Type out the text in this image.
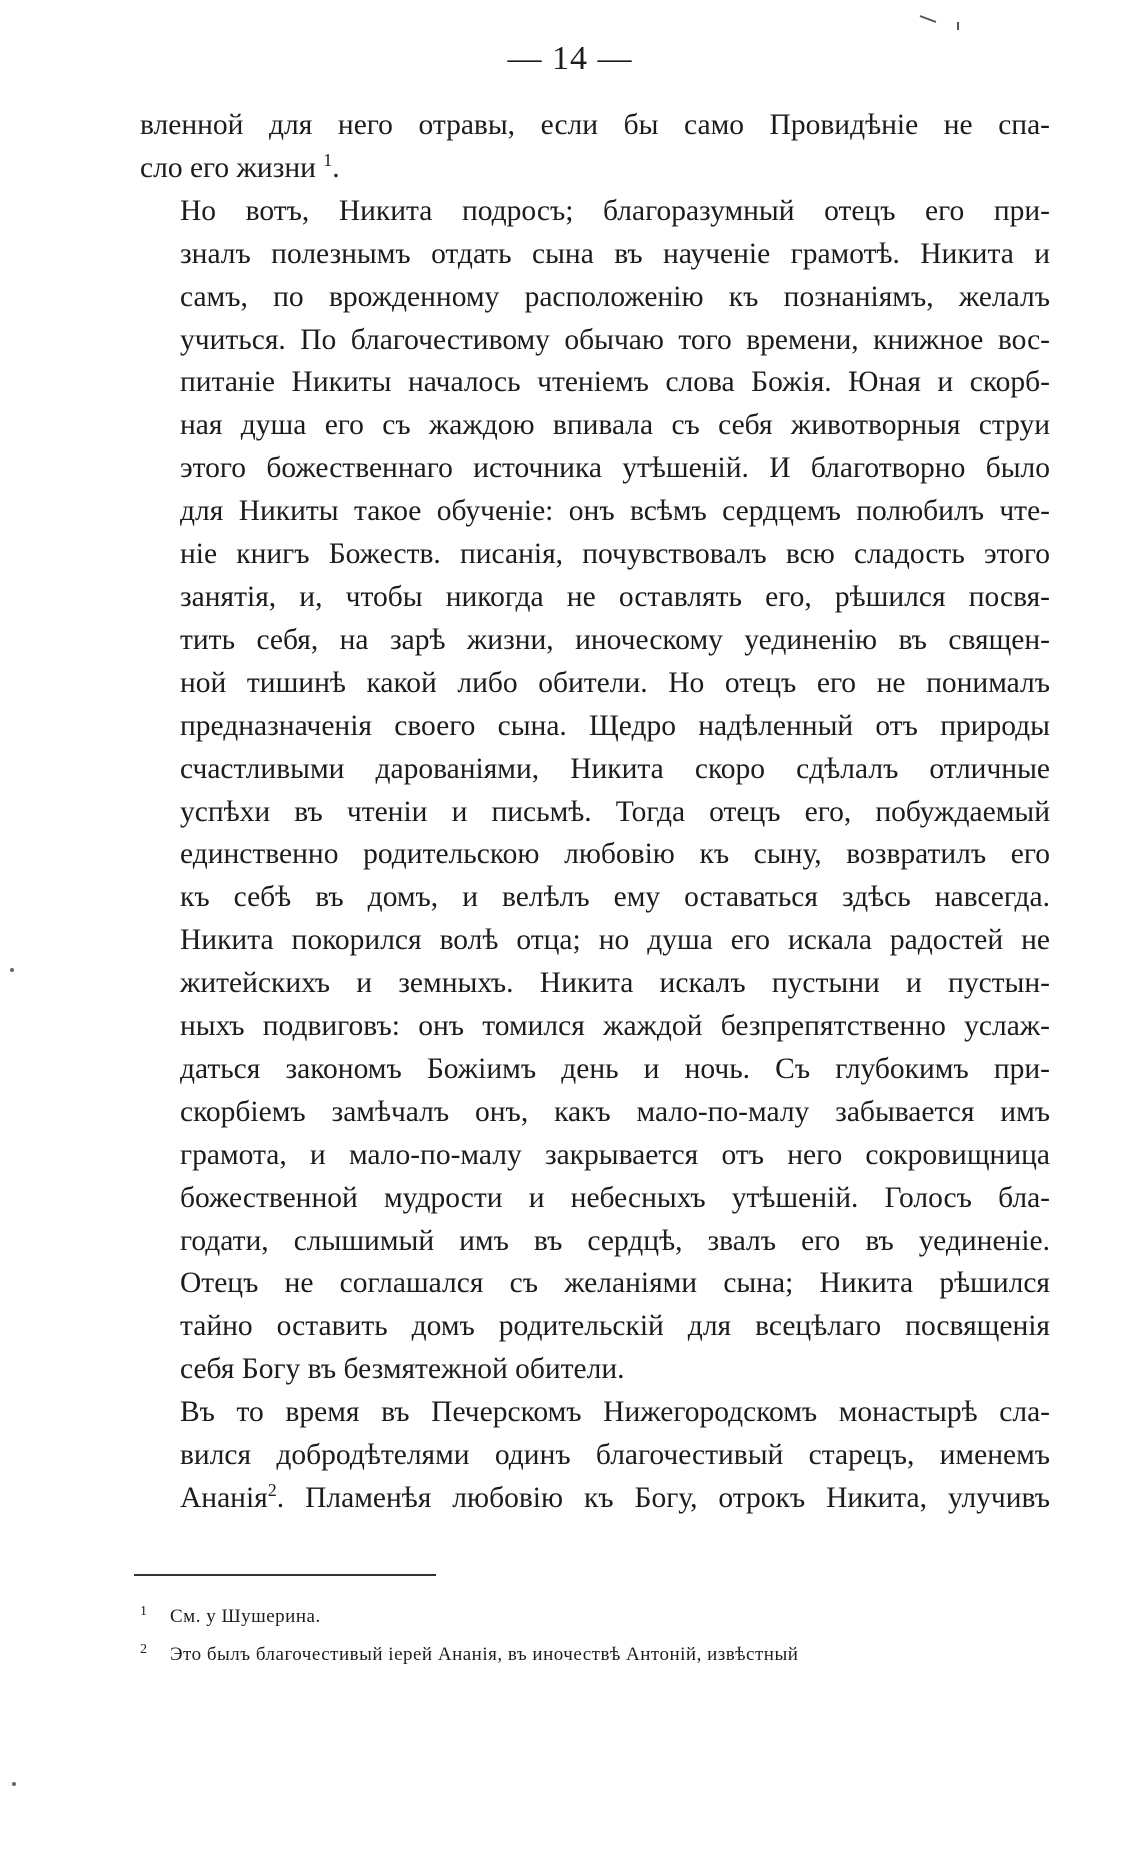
— 14 —

вленной для него отравы, если бы само Провидѣніе не спа-
сло его жизни $^1$.

Но вотъ, Никита подросъ; благоразумный отецъ его при-
зналъ полезнымъ отдать сына въ наученіе грамотѣ. Никита и
самъ, по врожденному расположенію къ познаніямъ, желалъ
учиться. По благочестивому обычаю того времени, книжное вос-
питаніе Никиты началось чтеніемъ слова Божія. Юная и скорб-
ная душа его съ жаждою впивала съ себя животворныя струи
этого божественнаго источника утѣшеній. И благотворно было
для Никиты такое обученіе: онъ всѣмъ сердцемъ полюбилъ чте-
ніе книгъ Божеств. писанія, почувствовалъ всю сладость этого
занятія, и, чтобы никогда не оставлять его, рѣшился посвя-
тить себя, на зарѣ жизни, иноческому уединенію въ священ-
ной тишинѣ какой либо обители. Но отецъ его не понималъ
предназначенія своего сына. Щедро надѣленный отъ природы
счастливыми дарованіями, Никита скоро сдѣлалъ отличные
успѣхи въ чтеніи и письмѣ. Тогда отецъ его, побуждаемый
единственно родительскою любовію къ сыну, возвратилъ его
къ себѣ въ домъ, и велѣлъ ему оставаться здѣсь навсегда.
Никита покорился волѣ отца; но душа его искала радостей не
житейскихъ и земныхъ. Никита искалъ пустыни и пустын-
ныхъ подвиговъ: онъ томился жаждой безпрепятственно услаж-
даться закономъ Божіимъ день и ночь. Съ глубокимъ при-
скорбіемъ замѣчалъ онъ, какъ мало-по-малу забывается имъ
грамота, и мало-по-малу закрывается отъ него сокровищница
божественной мудрости и небесныхъ утѣшеній. Голосъ бла-
годати, слышимый имъ въ сердцѣ, звалъ его въ уединеніе.
Отецъ не соглашался съ желаніями сына; Никита рѣшился
тайно оставить домъ родительскій для всецѣлаго посвященія
себя Богу въ безмятежной обители.

Въ то время въ Печерскомъ Нижегородскомъ монастырѣ сла-
вился добродѣтелями одинъ благочестивый старецъ, именемъ
Ананія$^2$. Пламенѣя любовію къ Богу, отрокъ Никита, улучивъ

1 См. у Шушерина.
2 Это былъ благочестивый іерей Ананія, въ иночествѣ Антоній, извѣстный
